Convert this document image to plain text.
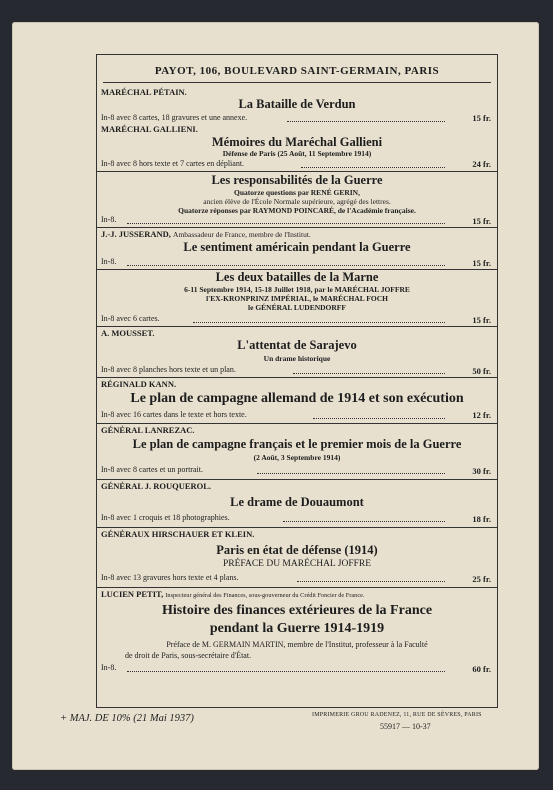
PAYOT, 106, BOULEVARD SAINT-GERMAIN, PARIS
MARÉCHAL PÉTAIN.
La Bataille de Verdun
In-8 avec 8 cartes, 18 gravures et une annexe.	15 fr.
MARÉCHAL GALLIENI.
Mémoires du Maréchal Gallieni
Défense de Paris (25 Août, 11 Septembre 1914)
In-8 avec 8 hors texte et 7 cartes en dépliant.	24 fr.
Les responsabilités de la Guerre
Quatorze questions par RENÉ GERIN,
ancien élève de l'École Normale supérieure, agrégé des lettres.
Quatorze réponses par RAYMOND POINCARÉ, de l'Académie française.
In-8.	15 fr.
J.-J. JUSSERAND, Ambassadeur de France, membre de l'Institut.
Le sentiment américain pendant la Guerre
In-8.	15 fr.
Les deux batailles de la Marne
6-11 Septembre 1914, 15-18 Juillet 1918, par le MARÉCHAL JOFFRE
l'EX-KRONPRINZ IMPÉRIAL, le MARÉCHAL FOCH
le GÉNÉRAL LUDENDORFF
In-8 avec 6 cartes.	15 fr.
A. MOUSSET.
L'attentat de Sarajevo
Un drame historique
In-8 avec 8 planches hors texte et un plan.	50 fr.
RÉGINALD KANN.
Le plan de campagne allemand de 1914 et son exécution
In-8 avec 16 cartes dans le texte et hors texte.	12 fr.
GÉNÉRAL LANREZAC.
Le plan de campagne français et le premier mois de la Guerre
(2 Août, 3 Septembre 1914)
In-8 avec 8 cartes et un portrait.	30 fr.
GÉNÉRAL J. ROUQUEROL.
Le drame de Douaumont
In-8 avec 1 croquis et 18 photographies.	18 fr.
GÉNÉRAUX HIRSCHAUER ET KLEIN.
Paris en état de défense (1914)
PRÉFACE DU MARÉCHAL JOFFRE
In-8 avec 13 gravures hors texte et 4 plans.	25 fr.
LUCIEN PETIT, Inspecteur général des Finances, sous-gouverneur du Crédit Foncier de France.
Histoire des finances extérieures de la France
pendant la Guerre 1914-1919
Préface de M. GERMAIN MARTIN, membre de l'Institut, professeur à la Faculté
de droit de Paris, sous-secrétaire d'État.
In-8.	60 fr.
+ MAJ. DE 10% (21 Mai 1937)	IMPRIMERIE GROU RADENEZ, 11, RUE DE SÈVRES, PARIS
55917 — 10-37
